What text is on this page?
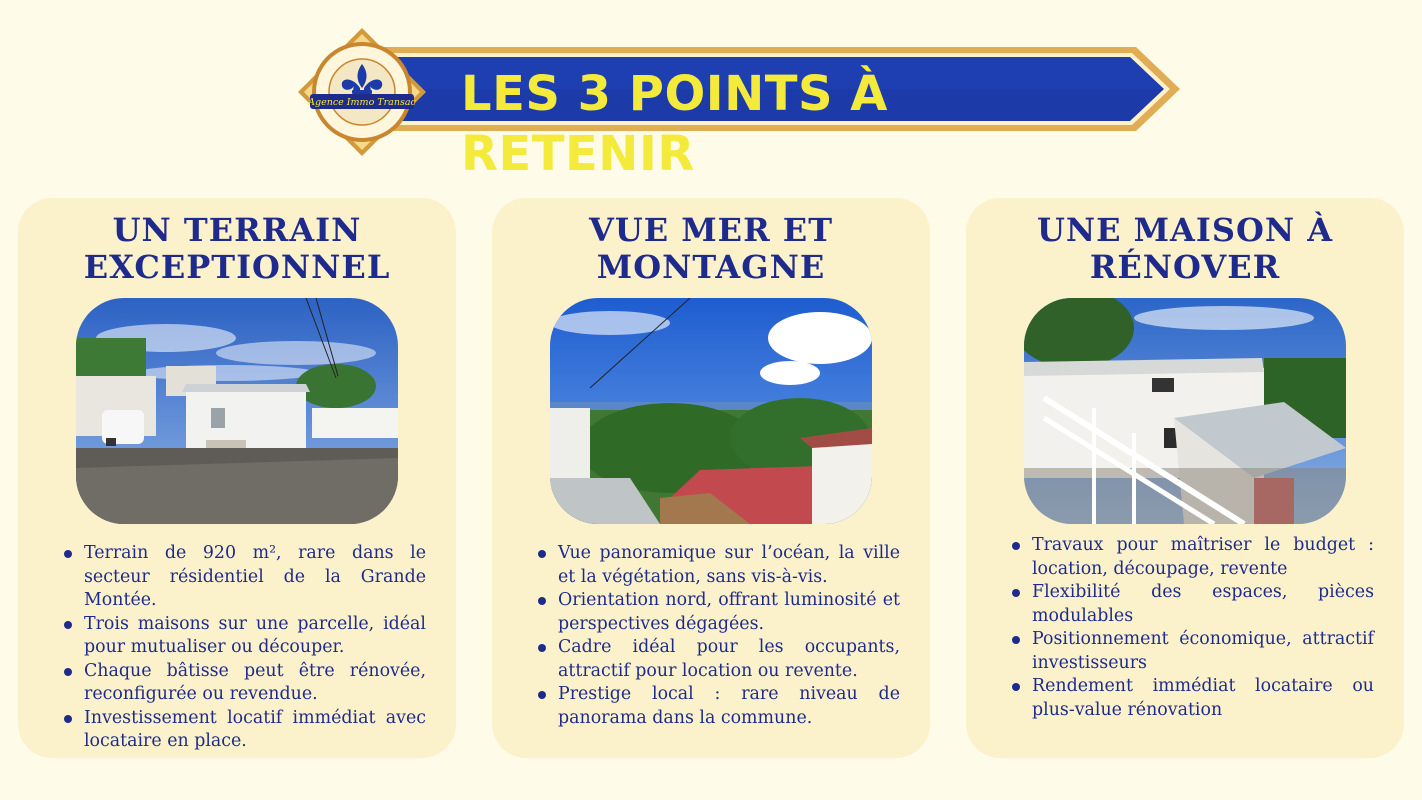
LES 3 POINTS À RETENIR
Agence Immo Transac
UN TERRAIN
EXCEPTIONNEL
Terrain de 920 m², rare dans le secteur résidentiel de la Grande Montée.
Trois maisons sur une parcelle, idéal pour mutualiser ou découper.
Chaque bâtisse peut être rénovée, reconfigurée ou revendue.
Investissement locatif immédiat avec locataire en place.
VUE MER ET
MONTAGNE
Vue panoramique sur l’océan, la ville et la végétation, sans vis-à-vis.
Orientation nord, offrant luminosité et perspectives dégagées.
Cadre idéal pour les occupants, attractif pour location ou revente.
Prestige local : rare niveau de panorama dans la commune.
UNE MAISON À
RÉNOVER
Travaux pour maîtriser le budget : location, découpage, revente
Flexibilité des espaces, pièces modulables
Positionnement économique, attractif investisseurs
Rendement immédiat locataire ou plus-value rénovation
